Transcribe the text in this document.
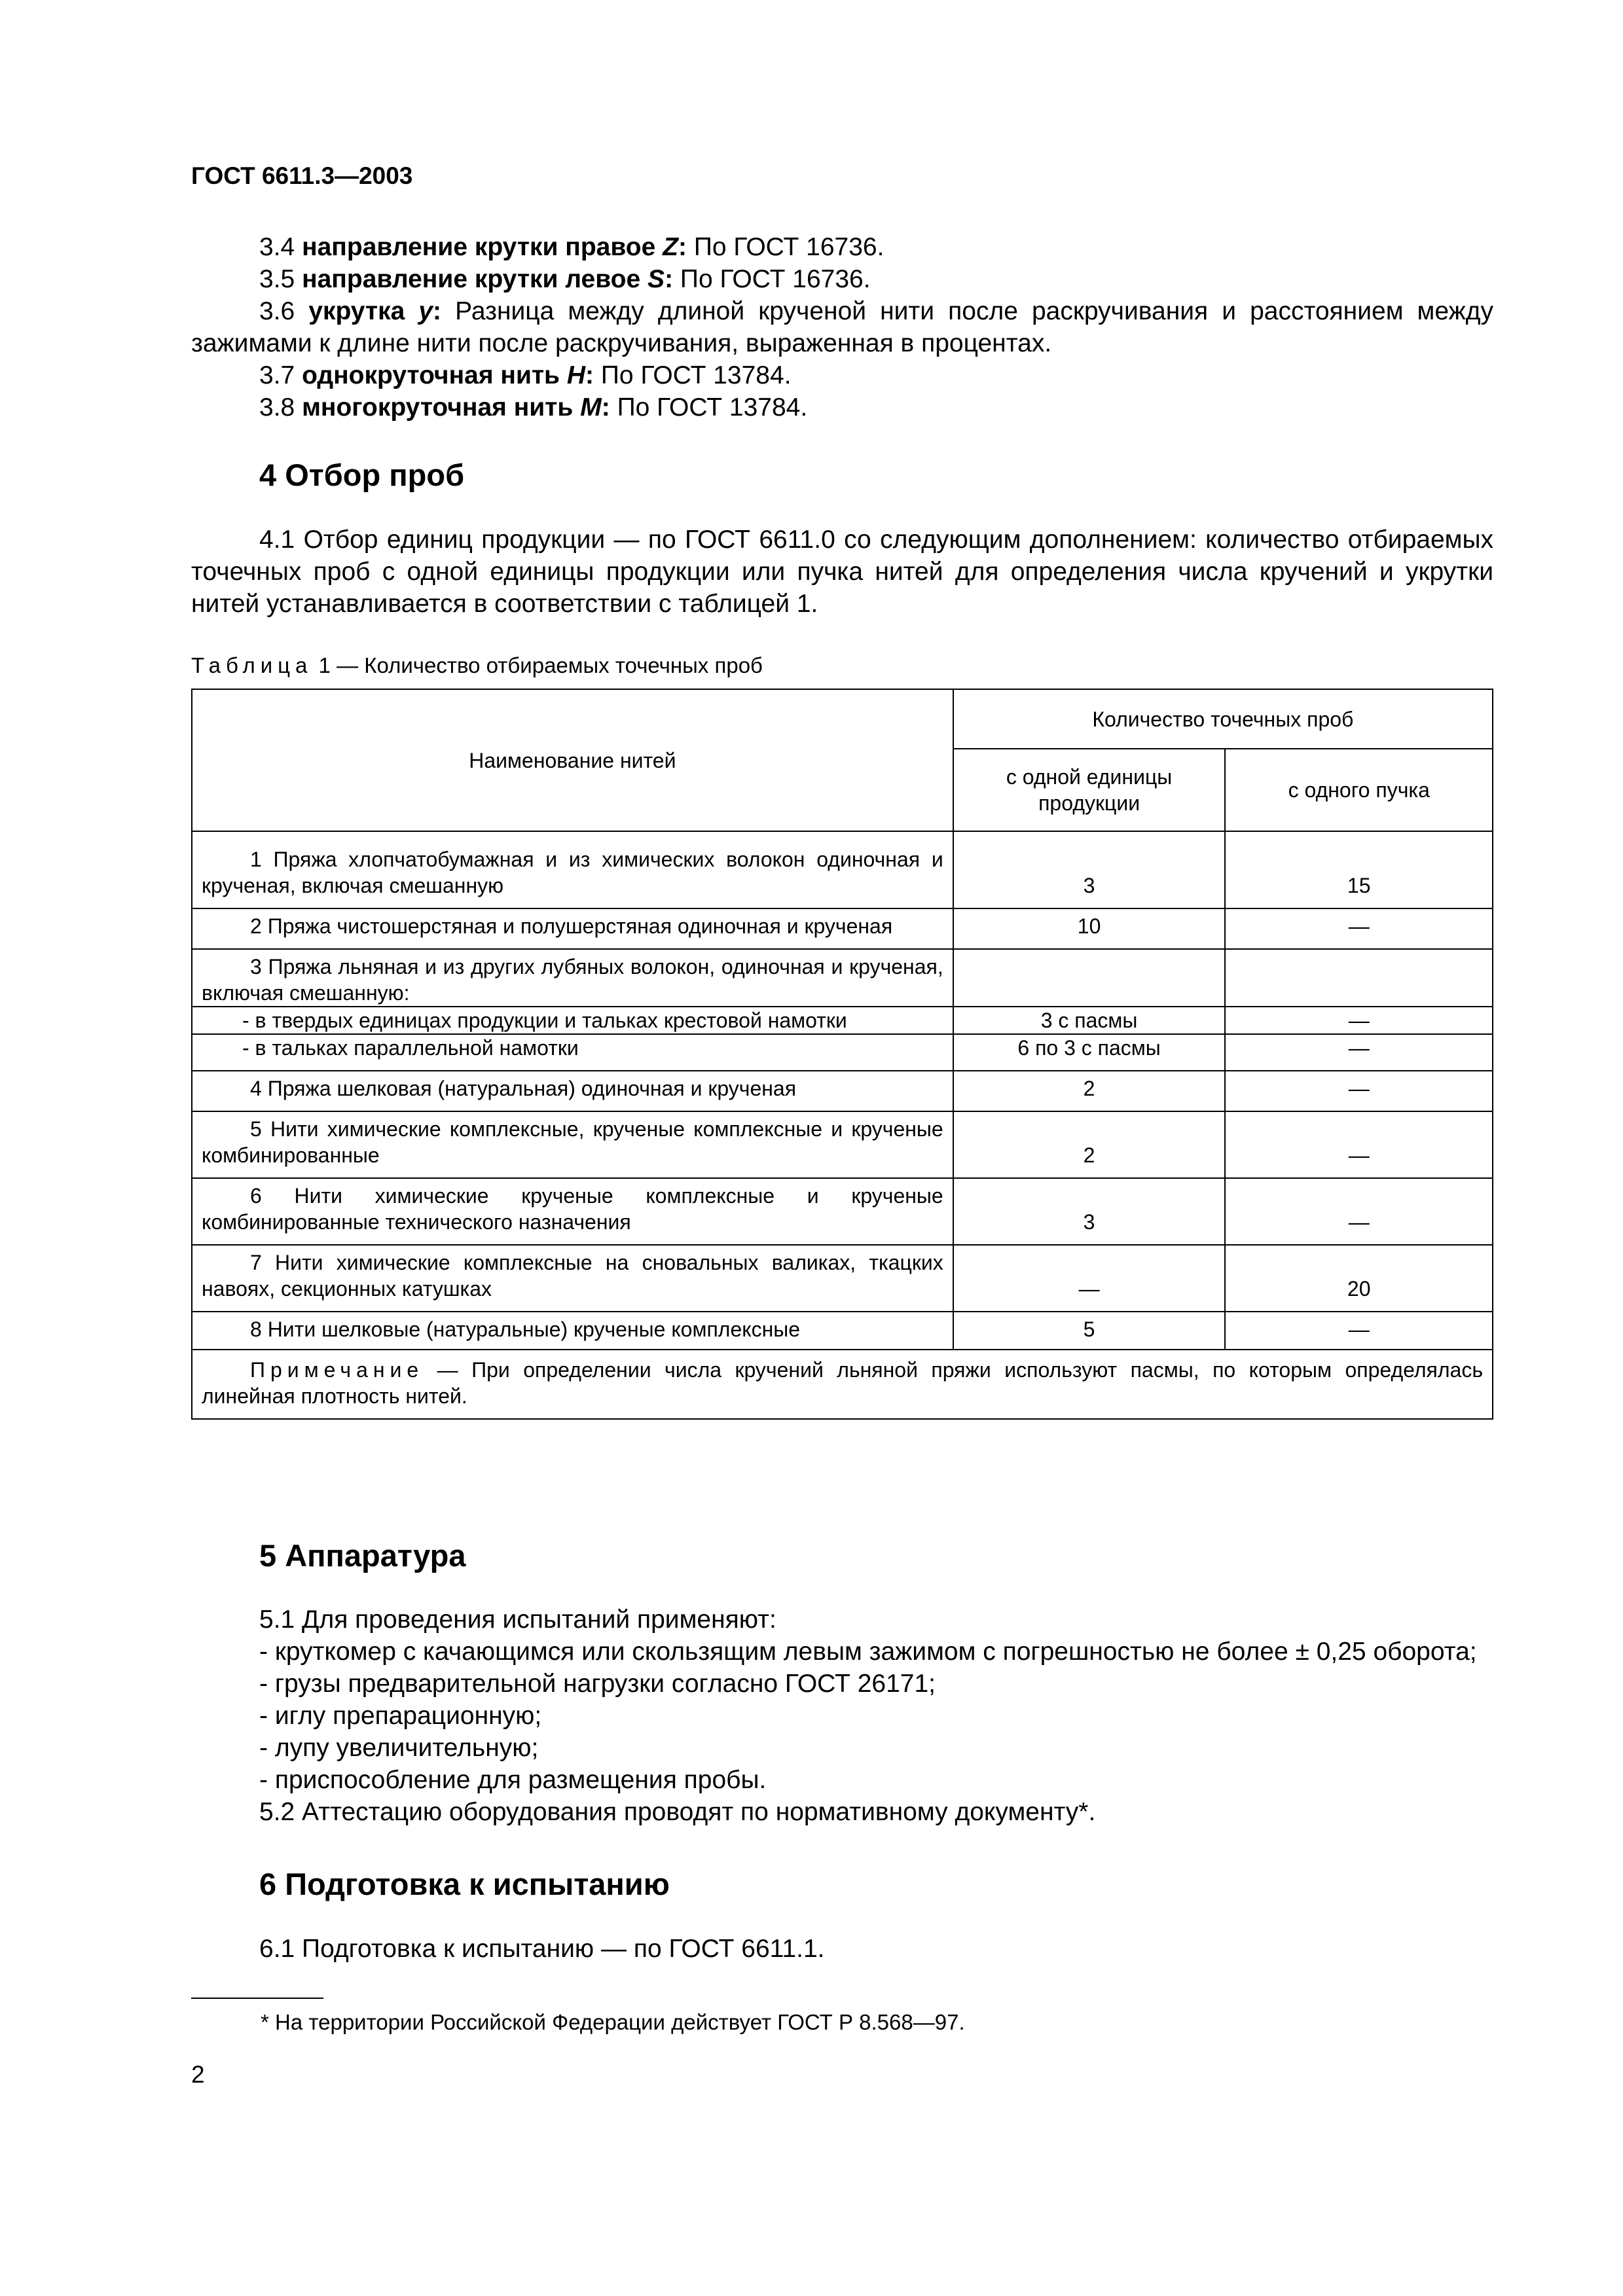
ГОСТ 6611.3—2003
3.4 направление крутки правое Z: По ГОСТ 16736.
3.5 направление крутки левое S: По ГОСТ 16736.
3.6 укрутка y: Разница между длиной крученой нити после раскручивания и расстоянием между зажимами к длине нити после раскручивания, выраженная в процентах.
3.7 однокруточная нить H: По ГОСТ 13784.
3.8 многокруточная нить M: По ГОСТ 13784.
4 Отбор проб
4.1 Отбор единиц продукции — по ГОСТ 6611.0 со следующим дополнением: количество отбираемых точечных проб с одной единицы продукции или пучка нитей для определения числа кручений и укрутки нитей устанавливается в соответствии с таблицей 1.
Таблица 1 — Количество отбираемых точечных проб
Наименование нитей	Количество точечных проб	
	с одной единицы продукции	с одного пучка
1 Пряжа хлопчатобумажная и из химических волокон одиночная и крученая, включая смешанную	3	15
2 Пряжа чистошерстяная и полушерстяная одиночная и крученая	10	—
3 Пряжа льняная и из других лубяных волокон, одиночная и крученая, включая смешанную:		
- в твердых единицах продукции и тальках крестовой намотки	3 с пасмы	—
- в тальках параллельной намотки	6 по 3 с пасмы	—
4 Пряжа шелковая (натуральная) одиночная и крученая	2	—
5 Нити химические комплексные, крученые комплексные и крученые комбинированные	2	—
6 Нити химические крученые комплексные и крученые комбинированные технического назначения	3	—
7 Нити химические комплексные на сновальных валиках, ткацких навоях, секционных катушках	—	20
8 Нити шелковые (натуральные) крученые комплексные	5	—
Примечание — При определении числа кручений льняной пряжи используют пасмы, по которым определялась линейная плотность нитей.		
5 Аппаратура
5.1 Для проведения испытаний применяют:
- круткомер с качающимся или скользящим левым зажимом с погрешностью не более ± 0,25 оборота;
- грузы предварительной нагрузки согласно ГОСТ 26171;
- иглу препарационную;
- лупу увеличительную;
- приспособление для размещения пробы.
5.2 Аттестацию оборудования проводят по нормативному документу*.
6 Подготовка к испытанию
6.1 Подготовка к испытанию — по ГОСТ 6611.1.
* На территории Российской Федерации действует ГОСТ Р 8.568—97.
2
